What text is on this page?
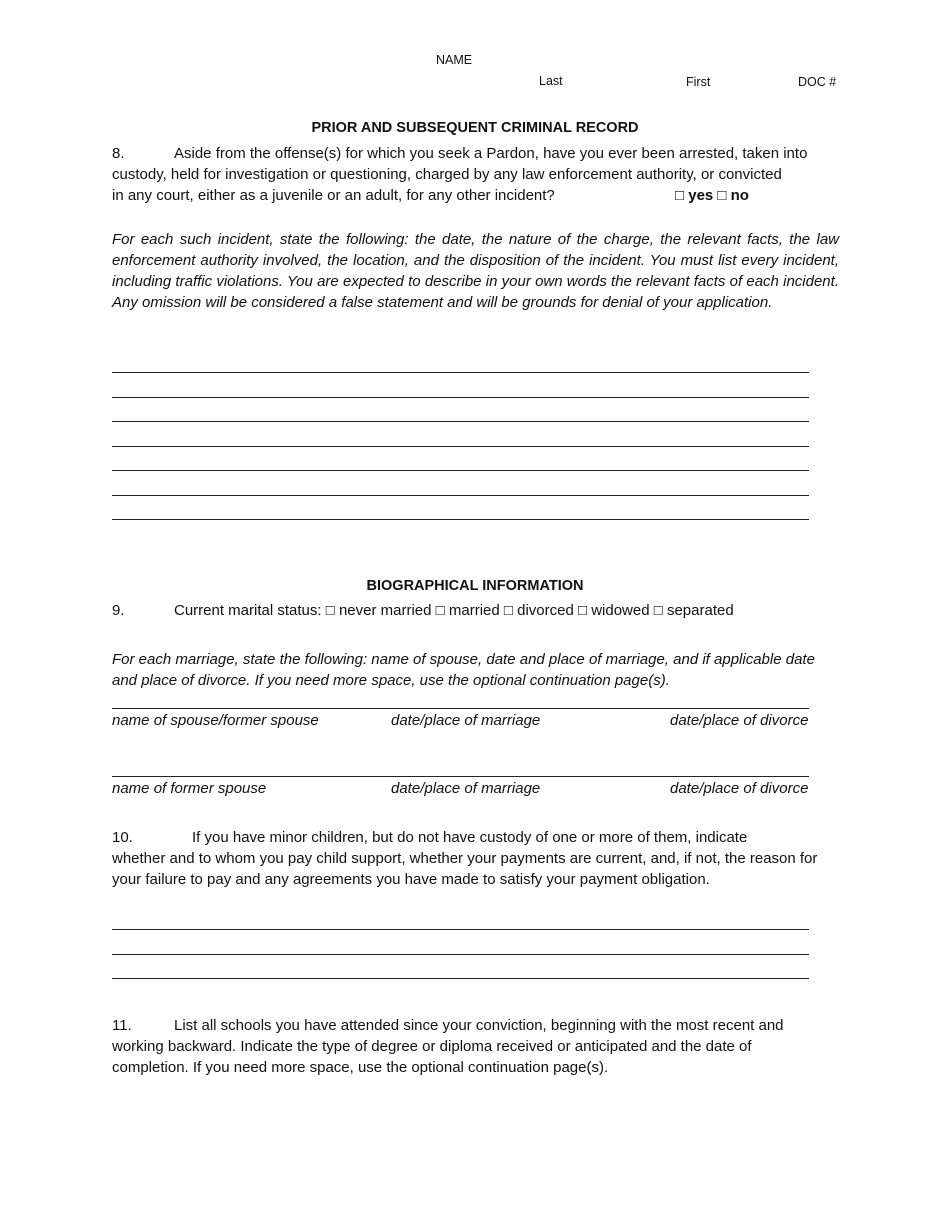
NAME
Last	First	DOC #
PRIOR AND SUBSEQUENT CRIMINAL RECORD
8.	Aside from the offense(s) for which you seek a Pardon, have you ever been arrested, taken into
custody, held for investigation or questioning, charged by any law enforcement authority, or convicted
in any court, either as a juvenile or an adult, for any other incident?	□ yes □ no
For each such incident, state the following: the date, the nature of the charge, the relevant facts, the law enforcement authority involved, the location, and the disposition of the incident. You must list every incident, including traffic violations. You are expected to describe in your own words the relevant facts of each incident. Any omission will be considered a false statement and will be grounds for denial of your application.
BIOGRAPHICAL INFORMATION
9.	Current marital status: □ never married □ married □ divorced □ widowed □ separated
For each marriage, state the following: name of spouse, date and place of marriage, and if applicable date and place of divorce. If you need more space, use the optional continuation page(s).
name of spouse/former spouse	date/place of marriage	date/place of divorce
name of former spouse	date/place of marriage	date/place of divorce
10.	If you have minor children, but do not have custody of one or more of them, indicate
whether and to whom you pay child support, whether your payments are current, and, if not, the reason for your failure to pay and any agreements you have made to satisfy your payment obligation.
11.	List all schools you have attended since your conviction, beginning with the most recent and
working backward. Indicate the type of degree or diploma received or anticipated and the date of completion. If you need more space, use the optional continuation page(s).
